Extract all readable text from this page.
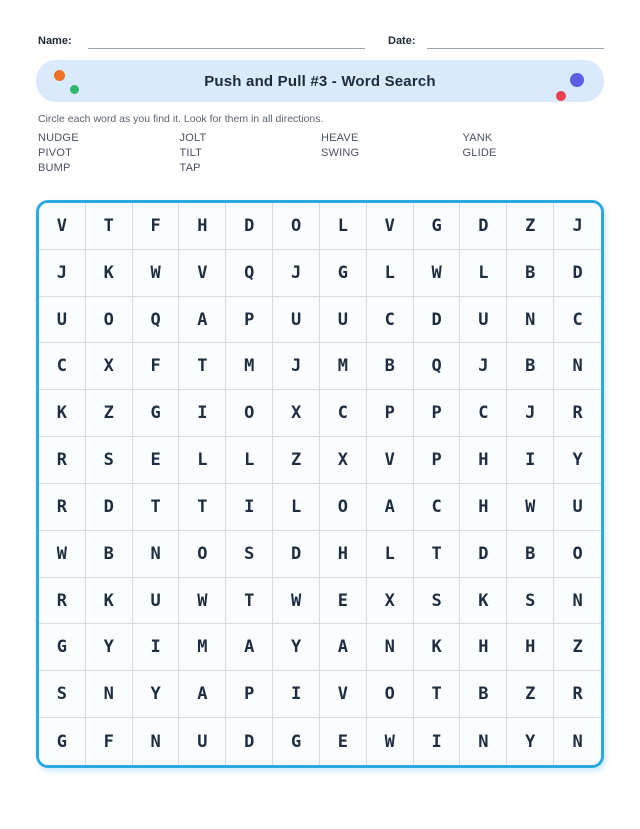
Name:	Date:
Push and Pull #3 - Word Search
Circle each word as you find it. Look for them in all directions.
NUDGE
PIVOT
BUMP
JOLT
TILT
TAP
HEAVE
SWING
YANK
GLIDE
V	T	F	H	D	O	L	V	G	D	Z	J
J	K	W	V	Q	J	G	L	W	L	B	D
U	O	Q	A	P	U	U	C	D	U	N	C
C	X	F	T	M	J	M	B	Q	J	B	N
K	Z	G	I	O	X	C	P	P	C	J	R
R	S	E	L	L	Z	X	V	P	H	I	Y
R	D	T	T	I	L	O	A	C	H	W	U
W	B	N	O	S	D	H	L	T	D	B	O
R	K	U	W	T	W	E	X	S	K	S	N
G	Y	I	M	A	Y	A	N	K	H	H	Z
S	N	Y	A	P	I	V	O	T	B	Z	R
G	F	N	U	D	G	E	W	I	N	Y	N
